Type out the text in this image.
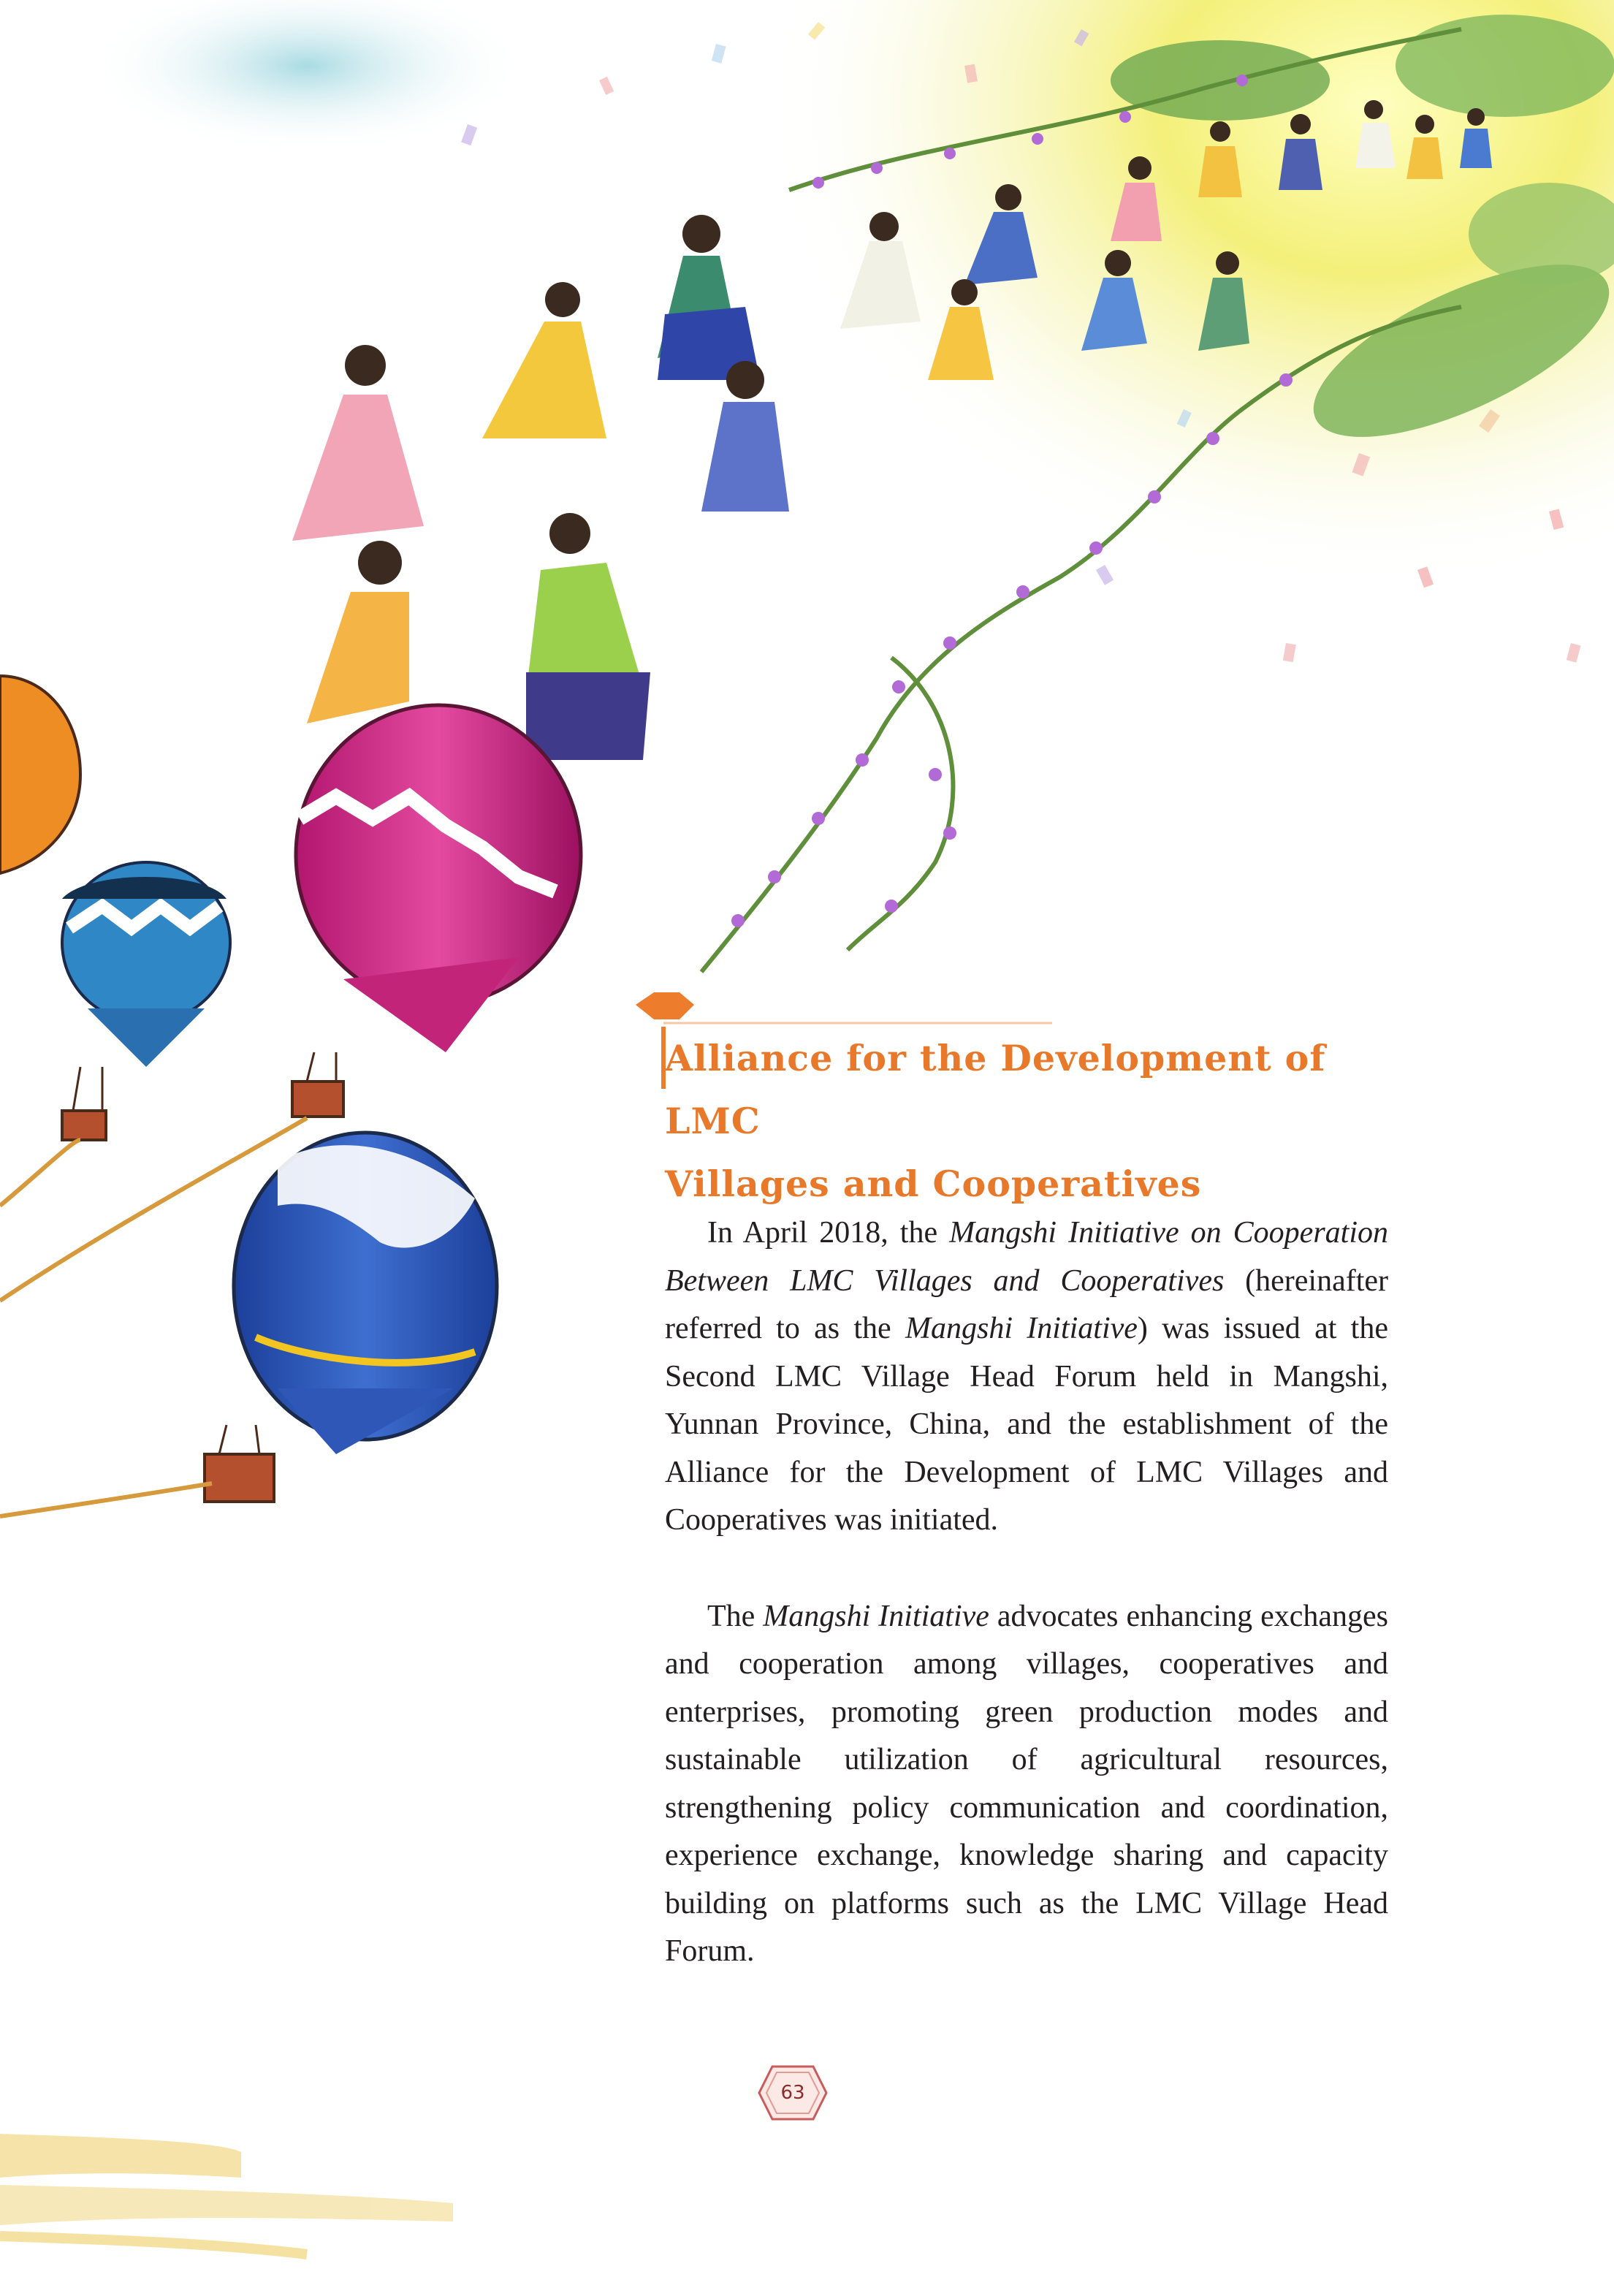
Alliance for the Development of LMC
Villages and Cooperatives

In April 2018, the Mangshi Initiative on Cooperation Between LMC Villages and Cooperatives (hereinafter referred to as the Mangshi Initiative) was issued at the Second LMC Village Head Forum held in Mangshi, Yunnan Province, China, and the establishment of the Alliance for the Development of LMC Villages and Cooperatives was initiated.

The Mangshi Initiative advocates enhancing exchanges and cooperation among villages, cooperatives and enterprises, promoting green production modes and sustainable utilization of agricultural resources, strengthening policy communication and coordination, experience exchange, knowledge sharing and capacity building on platforms such as the LMC Village Head Forum.

63
